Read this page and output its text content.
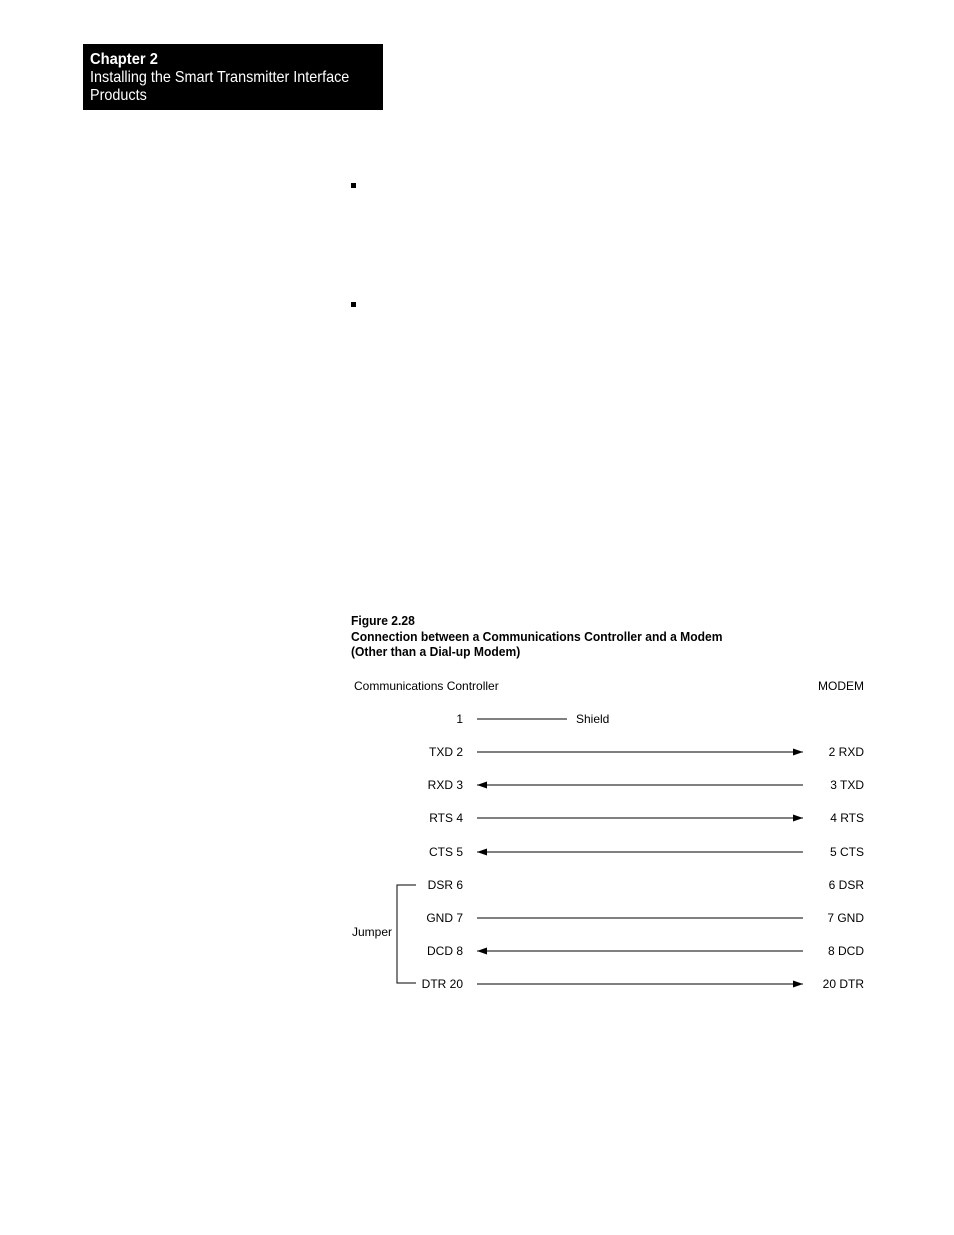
Chapter 2
Installing the Smart Transmitter Interface Products
Figure 2.28
Connection between a Communications Controller and a Modem
(Other than a Dial-up Modem)
Communications Controller	MODEM
1	Shield
TXD 2	2 RXD
RXD 3	3 TXD
RTS 4	4 RTS
CTS 5	5 CTS
DSR 6	6 DSR
GND 7	7 GND
DCD 8	8 DCD
DTR 20	20 DTR
Jumper
